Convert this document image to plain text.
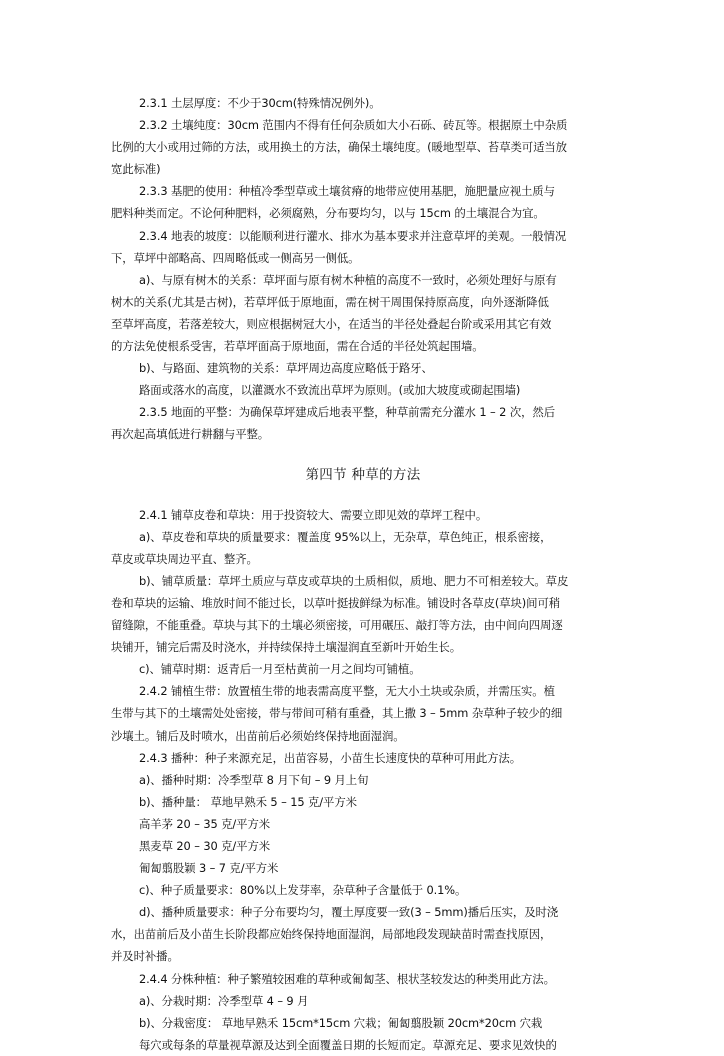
2.3.1 土层厚度：不少于30cm(特殊情况例外)。
2.3.2 土壤纯度：30cm 范围内不得有任何杂质如大小石砾、砖瓦等。根据原土中杂质
比例的大小或用过筛的方法，或用换土的方法，确保土壤纯度。(暖地型草、苔草类可适当放
宽此标准)
2.3.3 基肥的使用：种植冷季型草或土壤贫瘠的地带应使用基肥，施肥量应视土质与
肥料种类而定。不论何种肥料，必须腐熟，分布要均匀，以与 15cm 的土壤混合为宜。
2.3.4 地表的坡度：以能顺利进行灌水、排水为基本要求并注意草坪的美观。一般情况
下，草坪中部略高、四周略低或一侧高另一侧低。
a)、与原有树木的关系：草坪面与原有树木种植的高度不一致时，必须处理好与原有
树木的关系(尤其是古树)，若草坪低于原地面，需在树干周围保持原高度，向外逐渐降低
至草坪高度，若落差较大，则应根据树冠大小，在适当的半径处叠起台阶或采用其它有效
的方法免使根系受害，若草坪面高于原地面，需在合适的半径处筑起围墙。
b)、与路面、建筑物的关系：草坪周边高度应略低于路牙、
路面或落水的高度，以灌溉水不致流出草坪为原则。(或加大坡度或砌起围墙)
2.3.5 地面的平整：为确保草坪建成后地表平整，种草前需充分灌水 1 – 2 次，然后
再次起高填低进行耕翻与平整。
第四节 种草的方法
2.4.1 铺草皮卷和草块：用于投资较大、需要立即见效的草坪工程中。
a)、草皮卷和草块的质量要求：覆盖度 95%以上，无杂草，草色纯正，根系密接，
草皮或草块周边平直、整齐。
b)、铺草质量：草坪土质应与草皮或草块的土质相似，质地、肥力不可相差较大。草皮
卷和草块的运输、堆放时间不能过长，以草叶挺拔鲜绿为标准。铺设时各草皮(草块)间可稍
留缝隙，不能重叠。草块与其下的土壤必须密接，可用碾压、敲打等方法，由中间向四周逐
块铺开，铺完后需及时浇水，并持续保持土壤湿润直至新叶开始生长。
c)、铺草时期：返青后一月至枯黄前一月之间均可铺植。
2.4.2 铺植生带：放置植生带的地表需高度平整，无大小土块或杂质，并需压实。植
生带与其下的土壤需处处密接，带与带间可稍有重叠，其上撒 3 – 5mm 杂草种子较少的细
沙壤土。铺后及时喷水，出苗前后必须始终保持地面湿润。
2.4.3 播种：种子来源充足，出苗容易，小苗生长速度快的草种可用此方法。
a)、播种时期：冷季型草 8 月下旬 – 9 月上旬
b)、播种量： 草地早熟禾 5 – 15 克/平方米
高羊茅 20 – 35 克/平方米
黑麦草 20 – 30 克/平方米
匍匐翦股颖 3 – 7 克/平方米
c)、种子质量要求：80%以上发芽率，杂草种子含量低于 0.1%。
d)、播种质量要求：种子分布要均匀，覆土厚度要一致(3 – 5mm)播后压实，及时浇
水，出苗前后及小苗生长阶段都应始终保持地面湿润，局部地段发现缺苗时需查找原因，
并及时补播。
2.4.4 分株种植：种子繁殖较困难的草种或匍匐茎、根状茎较发达的种类用此方法。
a)、分栽时期：冷季型草 4 – 9 月
b)、分栽密度： 草地早熟禾 15cm*15cm 穴栽；匍匐翦股颖 20cm*20cm 穴栽
每穴或每条的草量视草源及达到全面覆盖日期的长短而定。草源充足、要求见效快的
